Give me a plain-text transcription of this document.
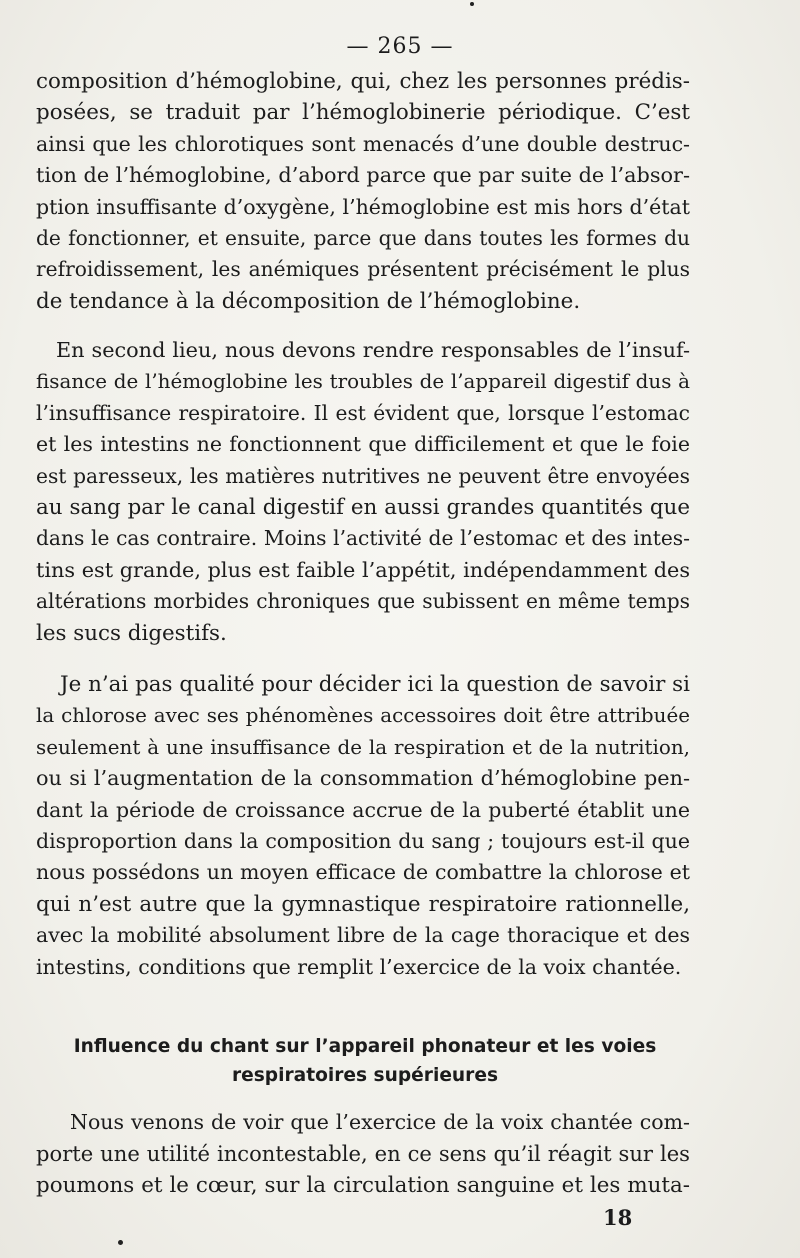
— 265 —
composition d’hémoglobine, qui, chez les personnes prédis-
posées, se traduit par l’hémoglobinerie périodique. C’est
ainsi que les chlorotiques sont menacés d’une double destruc-
tion de l’hémoglobine, d’abord parce que par suite de l’absor-
ption insuffisante d’oxygène, l’hémoglobine est mis hors d’état
de fonctionner, et ensuite, parce que dans toutes les formes du
refroidissement, les anémiques présentent précisément le plus
de tendance à la décomposition de l’hémoglobine.
En second lieu, nous devons rendre responsables de l’insuf-
fisance de l’hémoglobine les troubles de l’appareil digestif dus à
l’insuffisance respiratoire. Il est évident que, lorsque l’estomac
et les intestins ne fonctionnent que difficilement et que le foie
est paresseux, les matières nutritives ne peuvent être envoyées
au sang par le canal digestif en aussi grandes quantités que
dans le cas contraire. Moins l’activité de l’estomac et des intes-
tins est grande, plus est faible l’appétit, indépendamment des
altérations morbides chroniques que subissent en même temps
les sucs digestifs.
Je n’ai pas qualité pour décider ici la question de savoir si
la chlorose avec ses phénomènes accessoires doit être attribuée
seulement à une insuffisance de la respiration et de la nutrition,
ou si l’augmentation de la consommation d’hémoglobine pen-
dant la période de croissance accrue de la puberté établit une
disproportion dans la composition du sang ; toujours est-il que
nous possédons un moyen efficace de combattre la chlorose et
qui n’est autre que la gymnastique respiratoire rationnelle,
avec la mobilité absolument libre de la cage thoracique et des
intestins, conditions que remplit l’exercice de la voix chantée.
Influence du chant sur l’appareil phonateur et les voies
respiratoires supérieures
Nous venons de voir que l’exercice de la voix chantée com-
porte une utilité incontestable, en ce sens qu’il réagit sur les
poumons et le cœur, sur la circulation sanguine et les muta-
18
